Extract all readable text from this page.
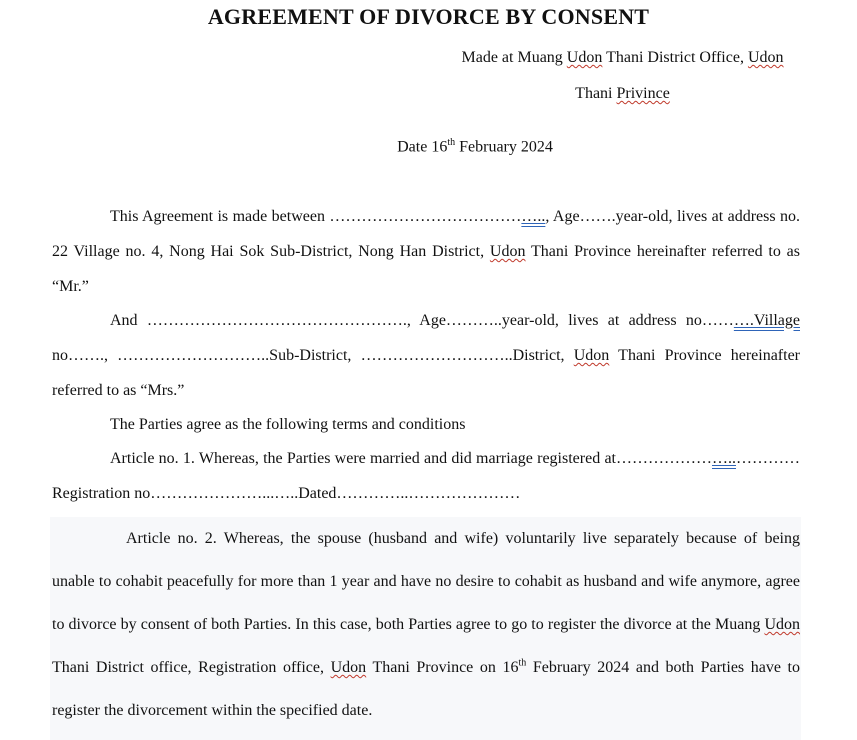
AGREEMENT OF DIVORCE BY CONSENT
Made at Muang Udon Thani District Office, Udon
Thani Privince
Date 16th February 2024

This Agreement is made between ………………………………….., Age…….year-old, lives at address no. 22 Village no. 4, Nong Hai Sok Sub-District, Nong Han District, Udon Thani Province hereinafter referred to as “Mr.”

And …………………………………………., Age………..year-old, lives at address no……….Village no……., ………………………..Sub-District, ………………………..District, Udon Thani Province hereinafter referred to as “Mrs.”

The Parties agree as the following terms and conditions

Article no. 1. Whereas, the Parties were married and did marriage registered at…………………..…………Registration no…………………...…..Dated…………..…………………

Article no. 2. Whereas, the spouse (husband and wife) voluntarily live separately because of being unable to cohabit peacefully for more than 1 year and have no desire to cohabit as husband and wife anymore, agree to divorce by consent of both Parties. In this case, both Parties agree to go to register the divorce at the Muang Udon Thani District office, Registration office, Udon Thani Province on 16th February 2024 and both Parties have to register the divorcement within the specified date.
